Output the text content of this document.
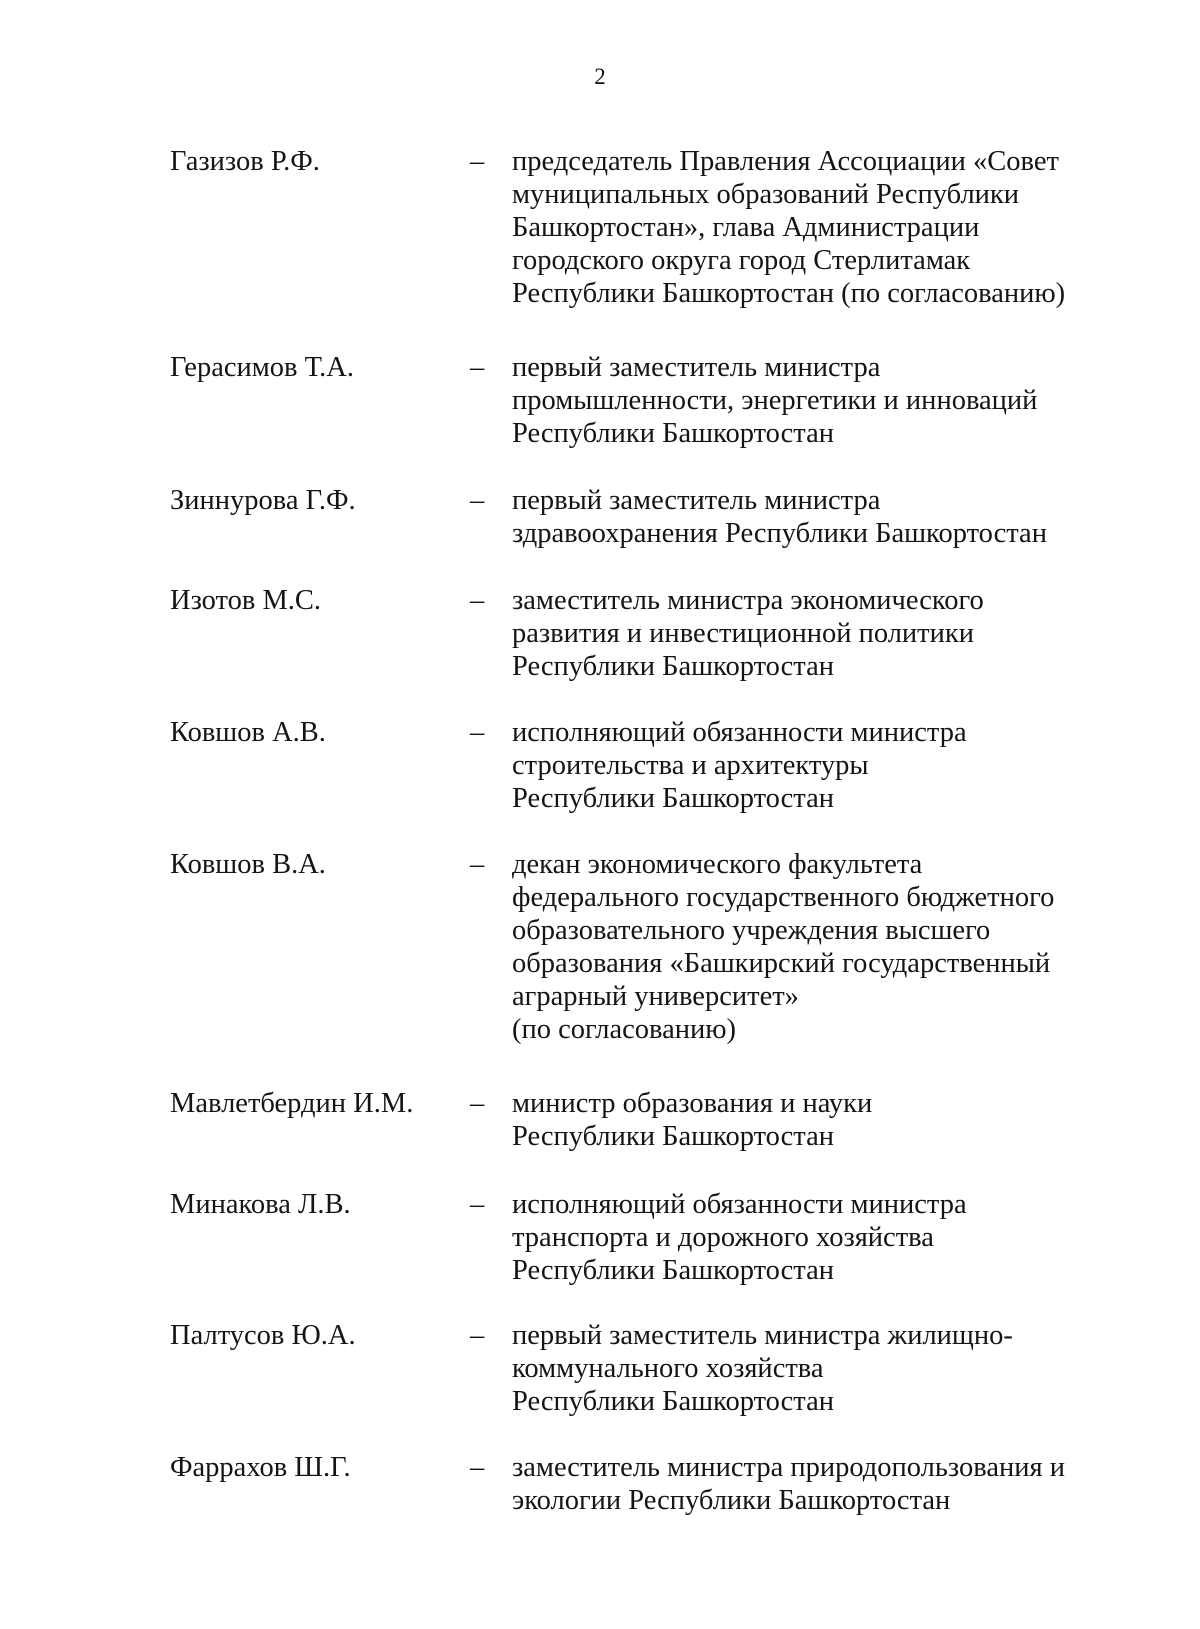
2
Газизов Р.Ф.	– председатель Правления Ассоциации «Совет
муниципальных образований Республики
Башкортостан», глава Администрации
городского округа город Стерлитамак
Республики Башкортостан (по согласованию)
Герасимов Т.А.	– первый заместитель министра
промышленности, энергетики и инноваций
Республики Башкортостан
Зиннурова Г.Ф.	– первый заместитель министра
здравоохранения Республики Башкортостан
Изотов М.С.	– заместитель министра экономического
развития и инвестиционной политики
Республики Башкортостан
Ковшов А.В.	– исполняющий обязанности министра
строительства и архитектуры
Республики Башкортостан
Ковшов В.А.	– декан экономического факультета
федерального государственного бюджетного
образовательного учреждения высшего
образования «Башкирский государственный
аграрный университет»
(по согласованию)
Мавлетбердин И.М. – министр образования и науки
Республики Башкортостан
Минакова Л.В.	– исполняющий обязанности министра
транспорта и дорожного хозяйства
Республики Башкортостан
Палтусов Ю.А.	– первый заместитель министра жилищно-
коммунального хозяйства
Республики Башкортостан
Фаррахов Ш.Г.	– заместитель министра природопользования и
экологии Республики Башкортостан
